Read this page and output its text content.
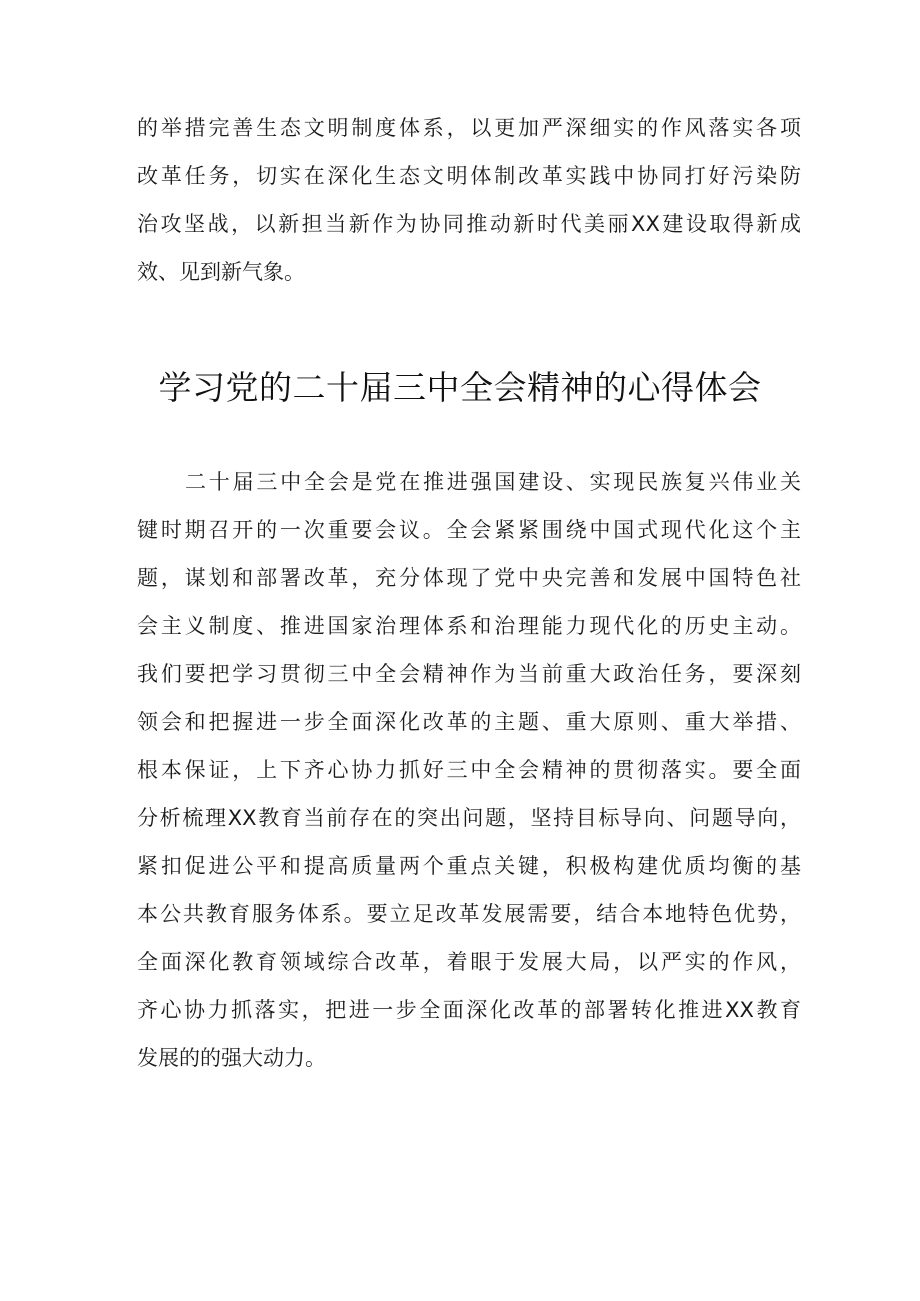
的举措完善生态文明制度体系，以更加严深细实的作风落实各项
改革任务，切实在深化生态文明体制改革实践中协同打好污染防
治攻坚战，以新担当新作为协同推动新时代美丽XX建设取得新成
效、见到新气象。
学习党的二十届三中全会精神的心得体会
二十届三中全会是党在推进强国建设、实现民族复兴伟业关
键时期召开的一次重要会议。全会紧紧围绕中国式现代化这个主
题，谋划和部署改革，充分体现了党中央完善和发展中国特色社
会主义制度、推进国家治理体系和治理能力现代化的历史主动。
我们要把学习贯彻三中全会精神作为当前重大政治任务，要深刻
领会和把握进一步全面深化改革的主题、重大原则、重大举措、
根本保证，上下齐心协力抓好三中全会精神的贯彻落实。要全面
分析梳理XX教育当前存在的突出问题，坚持目标导向、问题导向，
紧扣促进公平和提高质量两个重点关键，积极构建优质均衡的基
本公共教育服务体系。要立足改革发展需要，结合本地特色优势，
全面深化教育领域综合改革，着眼于发展大局，以严实的作风，
齐心协力抓落实，把进一步全面深化改革的部署转化推进XX教育
发展的的强大动力。
